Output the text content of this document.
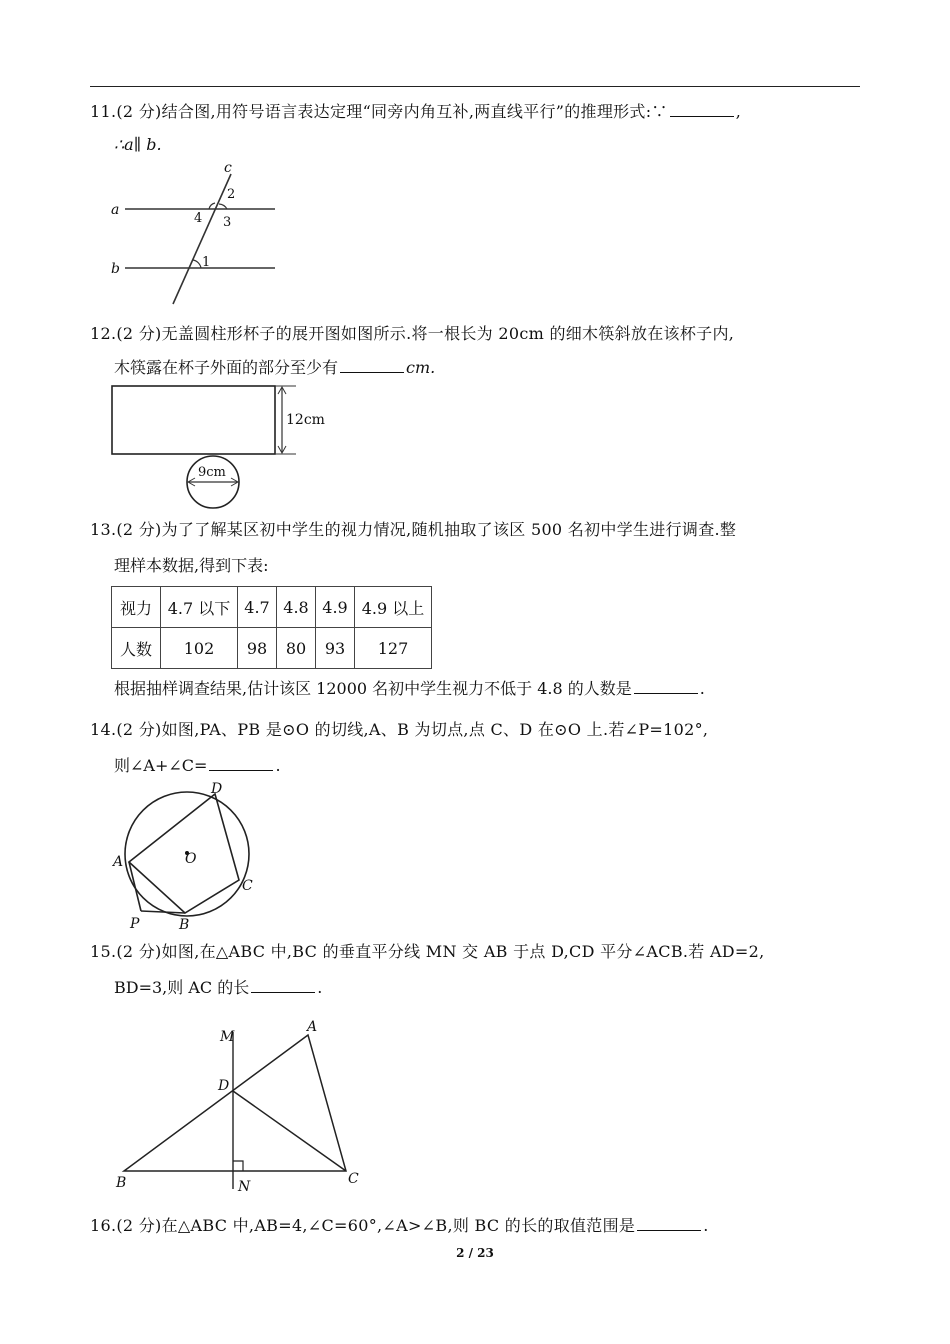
11.(2 分)结合图,用符号语言表达定理“同旁内角互补,两直线平行”的推理形式:∵	,
∴a∥ b.
c
a
b
2
3
4
1
12.(2 分)无盖圆柱形杯子的展开图如图所示.将一根长为 20cm 的细木筷斜放在该杯子内,
木筷露在杯子外面的部分至少有	cm.
12cm
9cm
13.(2 分)为了了解某区初中学生的视力情况,随机抽取了该区 500 名初中学生进行调查.整
理样本数据,得到下表:
视力	4.7 以下	4.7	4.8	4.9	4.9 以上
人数	102	98	80	93	127
根据抽样调查结果,估计该区 12000 名初中学生视力不低于 4.8 的人数是	.
14.(2 分)如图,PA、PB 是⊙O 的切线,A、B 为切点,点 C、D 在⊙O 上.若∠P=102°,
则∠A+∠C=	.
A
D
C
B
P
O
15.(2 分)如图,在△ABC 中,BC 的垂直平分线 MN 交 AB 于点 D,CD 平分∠ACB.若 AD=2,
BD=3,则 AC 的长	.
M
A
D
B	N	C
16.(2 分)在△ABC 中,AB=4,∠C=60°,∠A>∠B,则 BC 的长的取值范围是	.
2 / 23
